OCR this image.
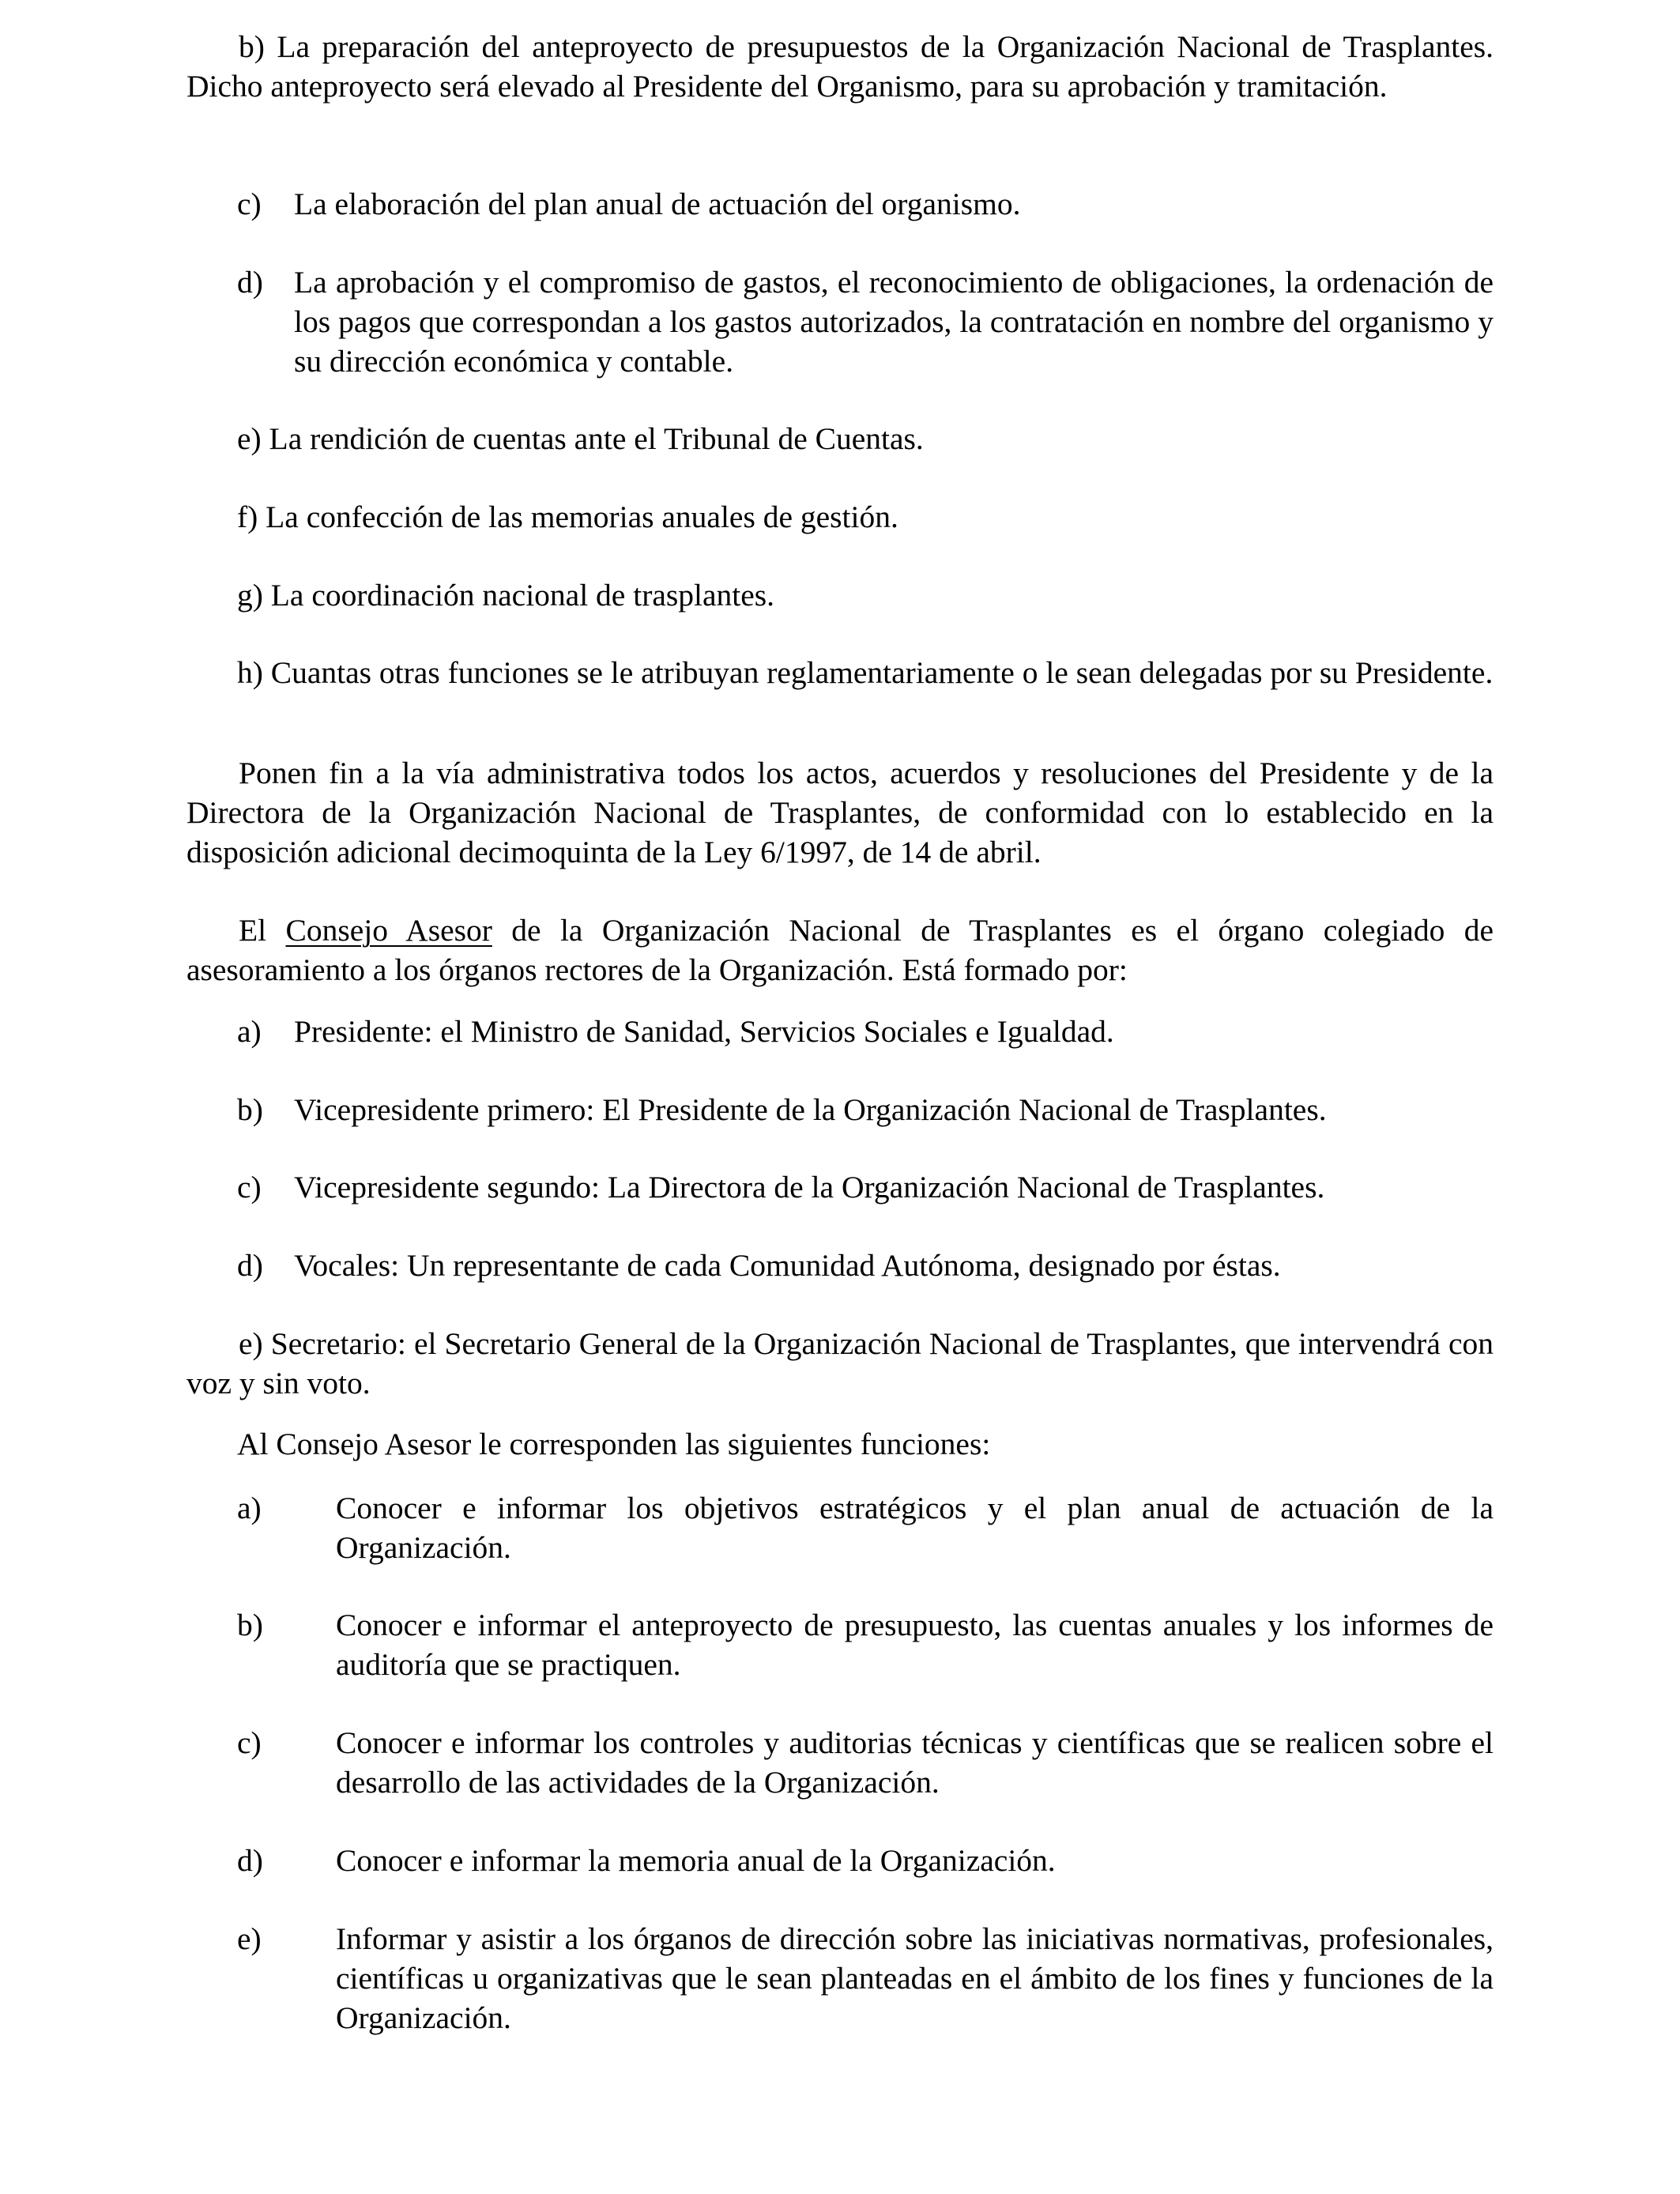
b) La preparación del anteproyecto de presupuestos de la Organización Nacional de Trasplantes. Dicho anteproyecto será elevado al Presidente del Organismo, para su aprobación y tramitación.

c) La elaboración del plan anual de actuación del organismo.
d) La aprobación y el compromiso de gastos, el reconocimiento de obligaciones, la ordenación de los pagos que correspondan a los gastos autorizados, la contratación en nombre del organismo y su dirección económica y contable.

e) La rendición de cuentas ante el Tribunal de Cuentas.

f) La confección de las memorias anuales de gestión.

g) La coordinación nacional de trasplantes.

h) Cuantas otras funciones se le atribuyan reglamentariamente o le sean delegadas por su Presidente.

Ponen fin a la vía administrativa todos los actos, acuerdos y resoluciones del Presidente y de la Directora de la Organización Nacional de Trasplantes, de conformidad con lo establecido en la disposición adicional decimoquinta de la Ley 6/1997, de 14 de abril.

El Consejo Asesor de la Organización Nacional de Trasplantes es el órgano colegiado de asesoramiento a los órganos rectores de la Organización. Está formado por:

a) Presidente: el Ministro de Sanidad, Servicios Sociales e Igualdad.
b) Vicepresidente primero: El Presidente de la Organización Nacional de Trasplantes.
c) Vicepresidente segundo: La Directora de la Organización Nacional de Trasplantes.
d) Vocales: Un representante de cada Comunidad Autónoma, designado por éstas.

e) Secretario: el Secretario General de la Organización Nacional de Trasplantes, que intervendrá con voz y sin voto.

Al Consejo Asesor le corresponden las siguientes funciones:

a) Conocer e informar los objetivos estratégicos y el plan anual de actuación de la Organización.
b) Conocer e informar el anteproyecto de presupuesto, las cuentas anuales y los informes de auditoría que se practiquen.
c) Conocer e informar los controles y auditorias técnicas y científicas que se realicen sobre el desarrollo de las actividades de la Organización.
d) Conocer e informar la memoria anual de la Organización.
e) Informar y asistir a los órganos de dirección sobre las iniciativas normativas, profesionales, científicas u organizativas que le sean planteadas en el ámbito de los fines y funciones de la Organización.
